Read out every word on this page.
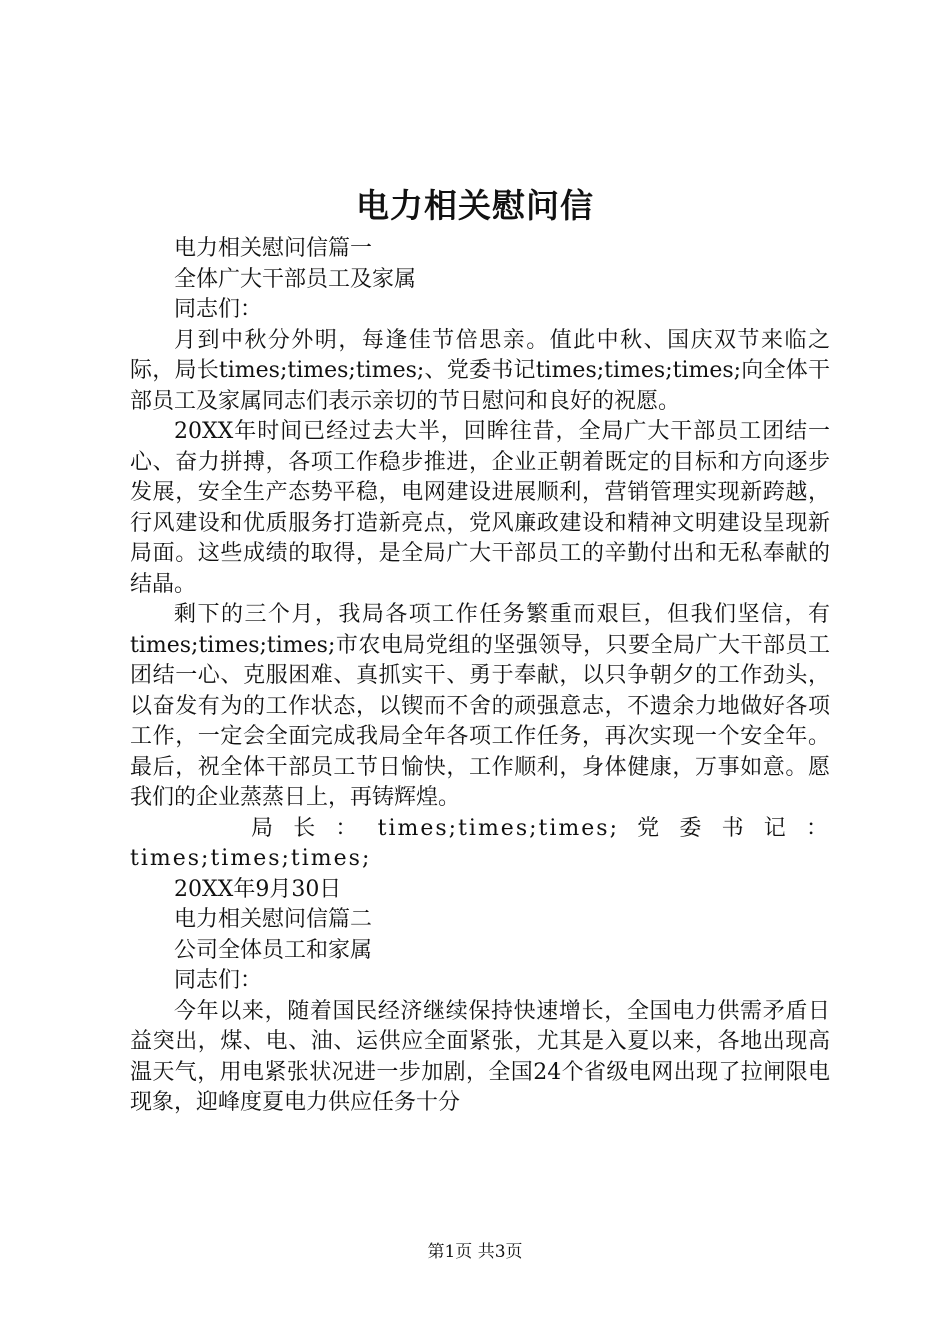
电力相关慰问信

电力相关慰问信篇一

全体广大干部员工及家属

同志们：

月到中秋分外明，每逢佳节倍思亲。值此中秋、国庆双节来临之际，局长times;times;times;、党委书记times;times;times;向全体干部员工及家属同志们表示亲切的节日慰问和良好的祝愿。

20XX年时间已经过去大半，回眸往昔，全局广大干部员工团结一心、奋力拼搏，各项工作稳步推进，企业正朝着既定的目标和方向逐步发展，安全生产态势平稳，电网建设进展顺利，营销管理实现新跨越，行风建设和优质服务打造新亮点，党风廉政建设和精神文明建设呈现新局面。这些成绩的取得，是全局广大干部员工的辛勤付出和无私奉献的结晶。

剩下的三个月，我局各项工作任务繁重而艰巨，但我们坚信，有times;times;times;市农电局党组的坚强领导，只要全局广大干部员工团结一心、克服困难、真抓实干、勇于奉献，以只争朝夕的工作劲头，以奋发有为的工作状态，以锲而不舍的顽强意志，不遗余力地做好各项工作，一定会全面完成我局全年各项工作任务，再次实现一个安全年。最后，祝全体干部员工节日愉快，工作顺利，身体健康，万事如意。愿我们的企业蒸蒸日上，再铸辉煌。

局长：times;times;times;党委书记：times;times;times;

20XX年9月30日

电力相关慰问信篇二

公司全体员工和家属

同志们：

今年以来，随着国民经济继续保持快速增长，全国电力供需矛盾日益突出，煤、电、油、运供应全面紧张，尤其是入夏以来，各地出现高温天气，用电紧张状况进一步加剧，全国24个省级电网出现了拉闸限电现象，迎峰度夏电力供应任务十分

第1页 共3页
